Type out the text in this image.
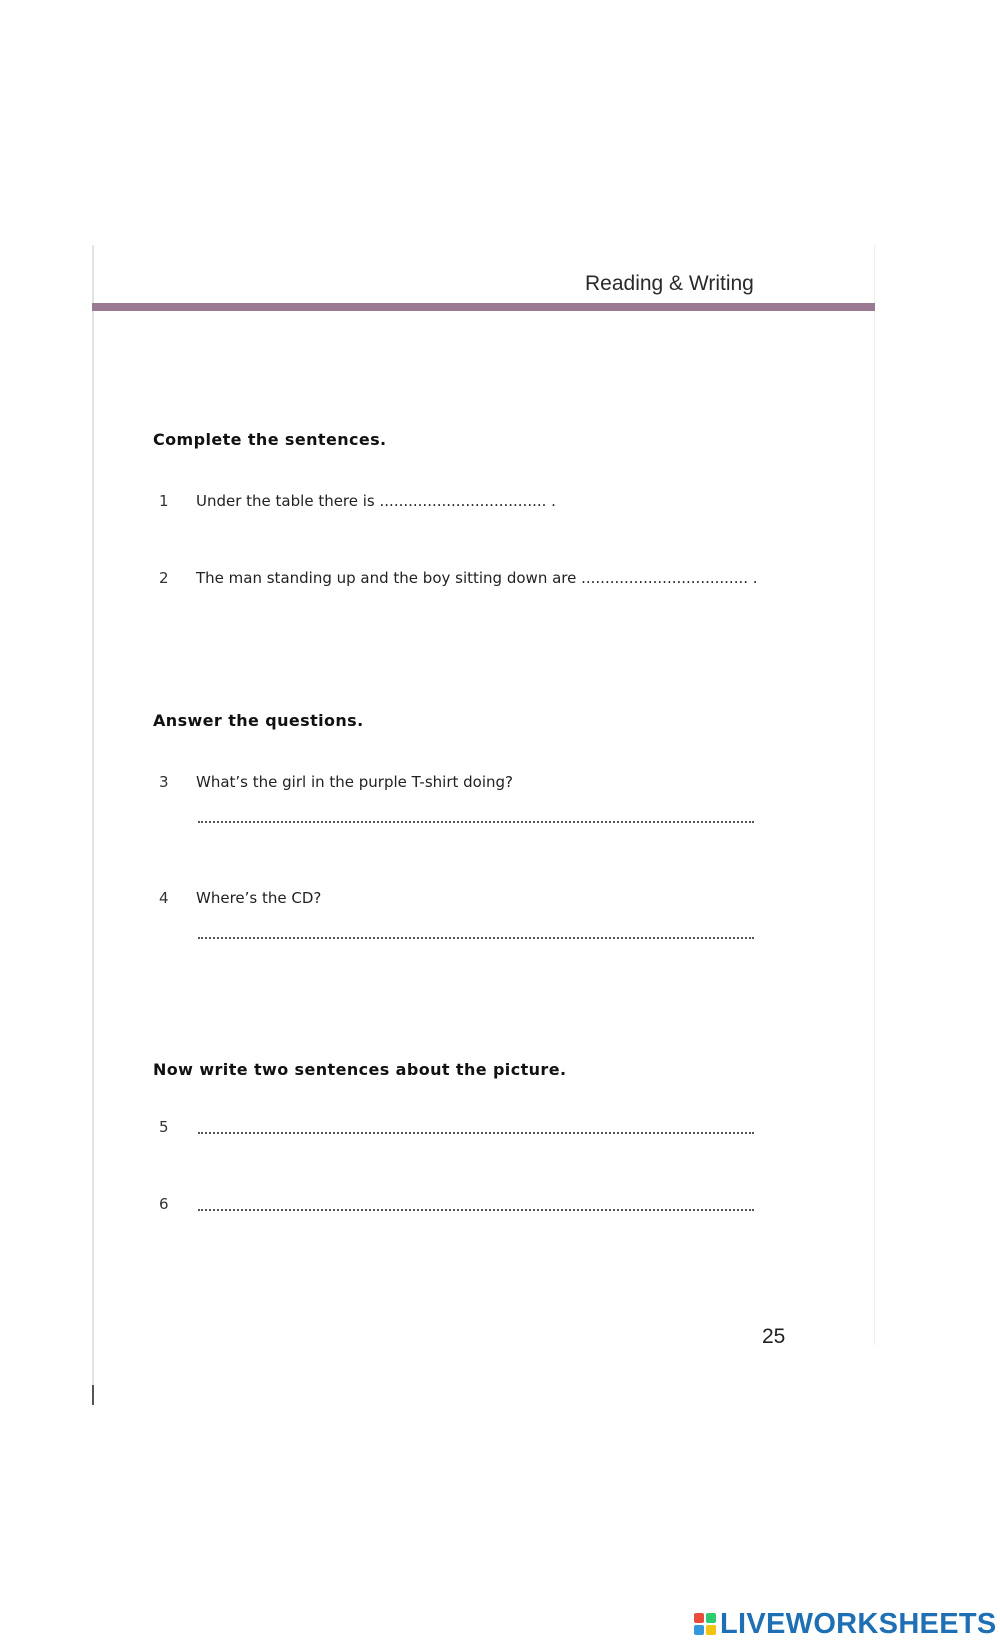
Reading & Writing
Complete the sentences.
1 Under the table there is ................................... .
2 The man standing up and the boy sitting down are ................................... .
Answer the questions.
3 What’s the girl in the purple T-shirt doing?
4 Where’s the CD?
Now write two sentences about the picture.
5
6
25
LIVEWORKSHEETS
